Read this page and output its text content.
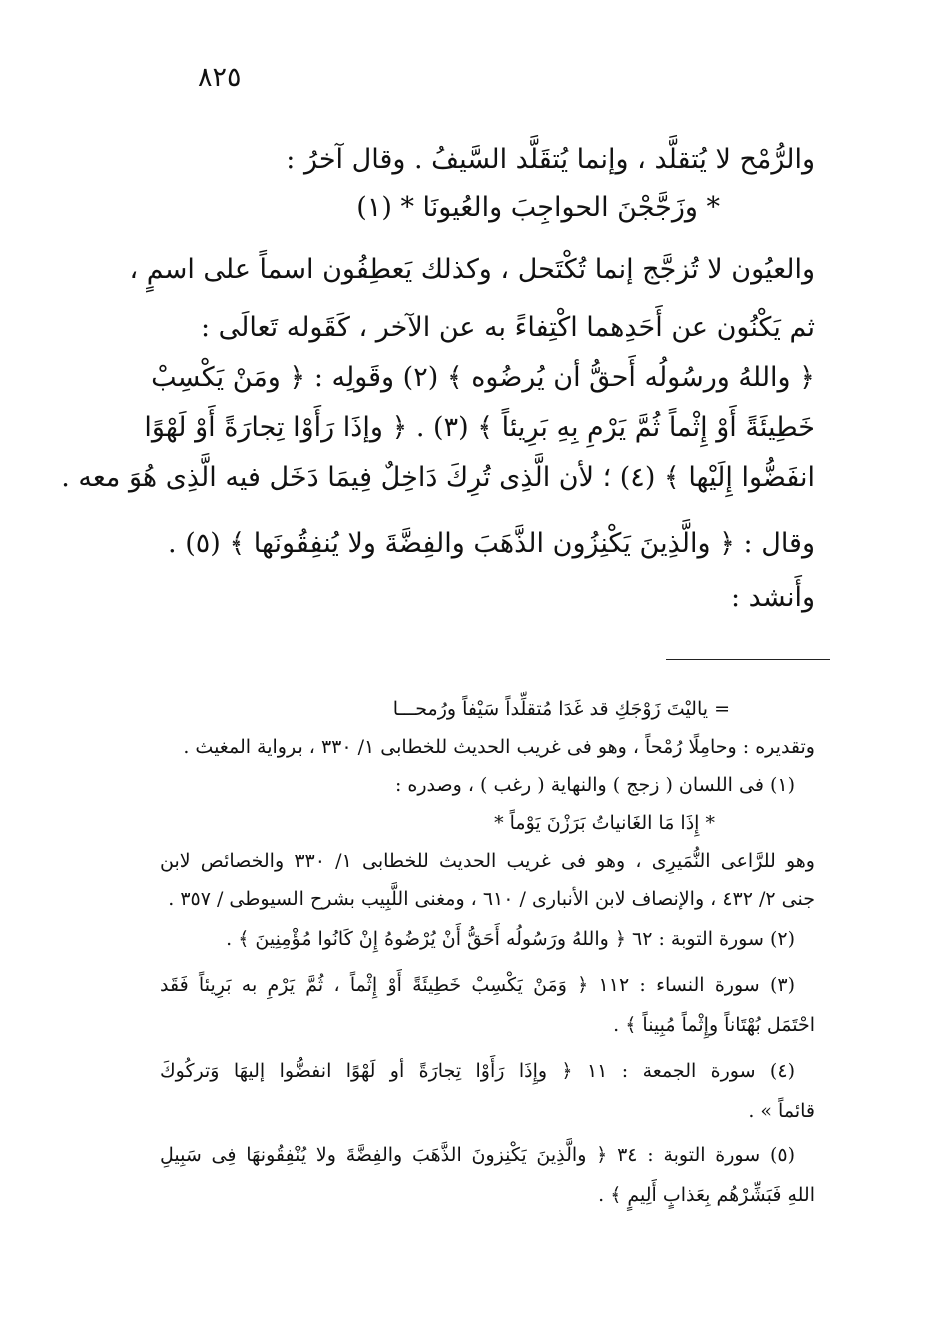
٨٢٥
والرُّمْح لا يُتقلَّد ، وإنما يُتقَلَّد السَّيفُ . وقال آخرُ :
* وزَجَّجْنَ الحواجِبَ والعُيونَا * (١)
والعيُون لا تُزجَّج إنما تُكْتَحل ، وكذلك يَعطِفُون اسماً على اسمٍ ،
ثم يَكْنُون عن أَحَدِهما اكْتِفاءً به عن الآخر ، كَقَوله تَعالَى :
﴿ واللهُ ورسُولُه أَحقُّ أن يُرضُوه ﴾ (٢) وقَولِه : ﴿ ومَنْ يَكْسِبْ
خَطِيئَةً أَوْ إِثْماً ثُمَّ يَرْمِ بِهِ بَرِيئاً ﴾ (٣) . ﴿ وإذَا رَأَوْا تِجارَةً أَوْ لَهْوًا
انفَضُّوا إِلَيْها ﴾ (٤) ؛ لأن الَّذِى تُرِكَ دَاخِلٌ فِيمَا دَخَل فيه الَّذِى هُوَ معه .
وقال : ﴿ والَّذِينَ يَكْنِزُون الذَّهَبَ والفِضَّةَ ولا يُنفِقُونَها ﴾ (٥) .
وأَنشد :
= ياليْتَ زَوْجَكِ قد غَدَا مُتقلِّداً سَيْفاً ورُمحـــا
وتقديره : وحامِلًا رُمْحاً ، وهو فى غريب الحديث للخطابى ١/ ٣٣٠ ، برواية المغيث .
(١) فى اللسان ( زجج ) والنهاية ( رغب ) ، وصدره :
* إِذَا مَا الغَانياتُ بَرَزْنَ يَوْماً *
وهو للرَّاعى النُّمَيرِى ، وهو فى غريب الحديث للخطابى ١/ ٣٣٠ والخصائص لابن
جنى ٢/ ٤٣٢ ، والإنصاف لابن الأنبارى / ٦١٠ ، ومغنى اللَّبِيب بشرح السيوطى / ٣٥٧ .
(٢) سورة التوبة : ٦٢ ﴿ واللهُ ورَسُولُه أَحَقُّ أَنْ يُرْضُوهُ إِنْ كَانُوا مُؤْمِنِينَ ﴾ .
(٣) سورة النساء : ١١٢ ﴿ وَمَنْ يَكْسِبْ خَطِيئَةً أَوْ إِثْماً ، ثُمَّ يَرْمِ به بَرِيئاً فَقَد
احْتَمَل بُهْتَاناً وإِثْماً مُبِيناً ﴾ .
(٤) سورة الجمعة : ١١ ﴿ وإِذَا رَأَوْا تِجارَةً أو لَهْوًا انفضُّوا إليهَا وَتركُوكَ
قائماً » .
(٥) سورة التوبة : ٣٤ ﴿ والَّذِينَ يَكْنِزونَ الذَّهَبَ والفِضَّةَ ولا يُنْفِقُونهَا فِى سَبِيلِ
اللهِ فَبَشِّرْهُم بِعَذابٍ أَلِيمٍ ﴾ .
